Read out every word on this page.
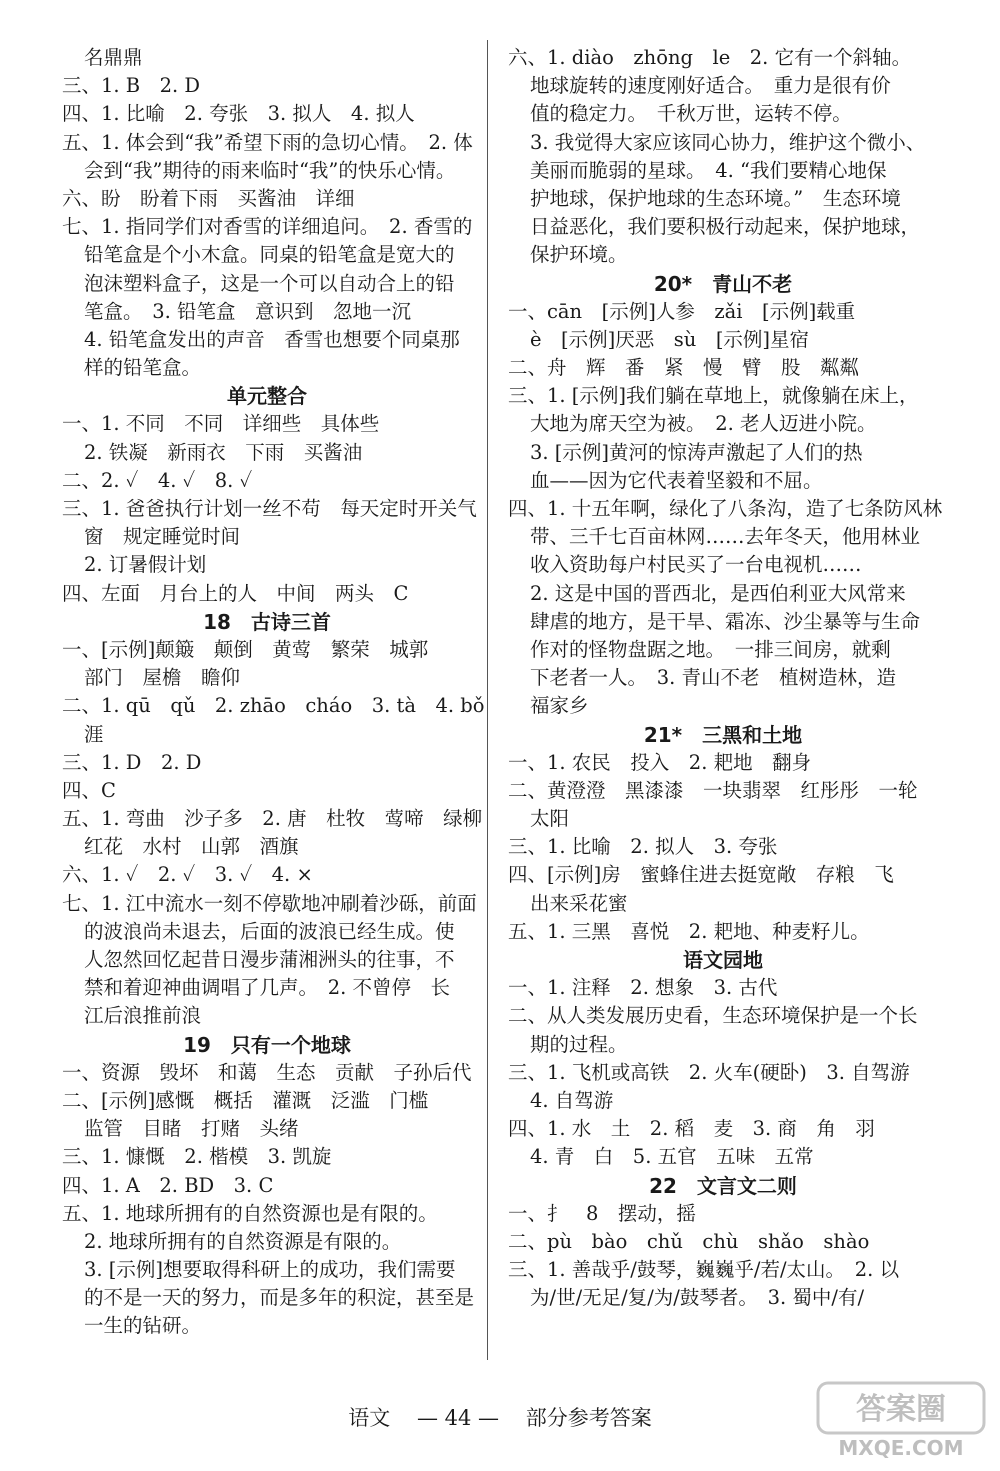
名鼎鼎
三、1. B　2. D
四、1. 比喻　2. 夸张　3. 拟人　4. 拟人
五、1. 体会到“我”希望下雨的急切心情。　2. 体
会到“我”期待的雨来临时“我”的快乐心情。
六、盼　盼着下雨　买酱油　详细
七、1. 指同学们对香雪的详细追问。　2. 香雪的
铅笔盒是个小木盒。同桌的铅笔盒是宽大的
泡沫塑料盒子，这是一个可以自动合上的铅
笔盒。　3. 铅笔盒　意识到　忽地一沉
4. 铅笔盒发出的声音　香雪也想要个同桌那
样的铅笔盒。
单元整合
一、1. 不同　不同　详细些　具体些
2. 铁凝　新雨衣　下雨　买酱油
二、2. ✓　4. ✓　8. ✓
三、1. 爸爸执行计划一丝不苟　每天定时开关气
窗　规定睡觉时间
2. 订暑假计划
四、左面　月台上的人　中间　两头　C
18　古诗三首
一、[示例]颠簸　颠倒　黄莺　繁荣　城郭
部门　屋檐　瞻仰
二、1. qū　qǔ　2. zhāo　cháo　3. tà　4. bǒ
涯
三、1. D　2. D
四、C
五、1. 弯曲　沙子多　2. 唐　杜牧　莺啼　绿柳
红花　水村　山郭　酒旗
六、1. ✓　2. ✓　3. ✓　4. ×
七、1. 江中流水一刻不停歇地冲刷着沙砾，前面
的波浪尚未退去，后面的波浪已经生成。使
人忽然回忆起昔日漫步蒲湘洲头的往事，不
禁和着迎神曲调唱了几声。　2. 不曾停　长
江后浪推前浪
19　只有一个地球
一、资源　毁坏　和蔼　生态　贡献　子孙后代
二、[示例]感慨　概括　灌溉　泛滥　门槛
监管　目睹　打赌　头绪
三、1. 慷慨　2. 楷模　3. 凯旋
四、1. A　2. BD　3. C
五、1. 地球所拥有的自然资源也是有限的。
2. 地球所拥有的自然资源是有限的。
3. [示例]想要取得科研上的成功，我们需要
的不是一天的努力，而是多年的积淀，甚至是
一生的钻研。
六、1. diào　zhōng　le　2. 它有一个斜轴。
地球旋转的速度刚好适合。　重力是很有价
值的稳定力。　千秋万世，运转不停。
3. 我觉得大家应该同心协力，维护这个微小、
美丽而脆弱的星球。　4. “我们要精心地保
护地球，保护地球的生态环境。”　生态环境
日益恶化，我们要积极行动起来，保护地球，
保护环境。
20*　青山不老
一、cān　[示例]人参　zǎi　[示例]载重
è　[示例]厌恶　sù　[示例]星宿
二、舟　辉　番　紧　慢　臂　股　粼粼
三、1. [示例]我们躺在草地上，就像躺在床上，
大地为席天空为被。　2. 老人迈进小院。
3. [示例]黄河的惊涛声激起了人们的热
血——因为它代表着坚毅和不屈。
四、1. 十五年啊，绿化了八条沟，造了七条防风林
带、三千七百亩林网……去年冬天，他用林业
收入资助每户村民买了一台电视机……
2. 这是中国的晋西北，是西伯利亚大风常来
肆虐的地方，是干旱、霜冻、沙尘暴等与生命
作对的怪物盘踞之地。　一排三间房，就剩
下老者一人。　3. 青山不老　植树造林，造
福家乡
21*　三黑和土地
一、1. 农民　投入　2. 耙地　翻身
二、黄澄澄　黑漆漆　一块翡翠　红彤彤　一轮
太阳
三、1. 比喻　2. 拟人　3. 夸张
四、[示例]房　蜜蜂住进去挺宽敞　存粮　飞
出来采花蜜
五、1. 三黑　喜悦　2. 耙地、种麦籽儿。
语文园地
一、1. 注释　2. 想象　3. 古代
二、从人类发展历史看，生态环境保护是一个长
期的过程。
三、1. 飞机或高铁　2. 火车(硬卧)　3. 自驾游
4. 自驾游
四、1. 水　土　2. 稻　麦　3. 商　角　羽
4. 青　白　5. 五官　五味　五常
22　文言文二则
一、扌　8　摆动，摇
二、pù　bào　chǔ　chù　shǎo　shào
三、1. 善哉乎/鼓琴，巍巍乎/若/太山。　2. 以
为/世/无足/复/为/鼓琴者。　3. 蜀中/有/
语文 — 44 — 部分参考答案	答案圈
MXQE.COM
